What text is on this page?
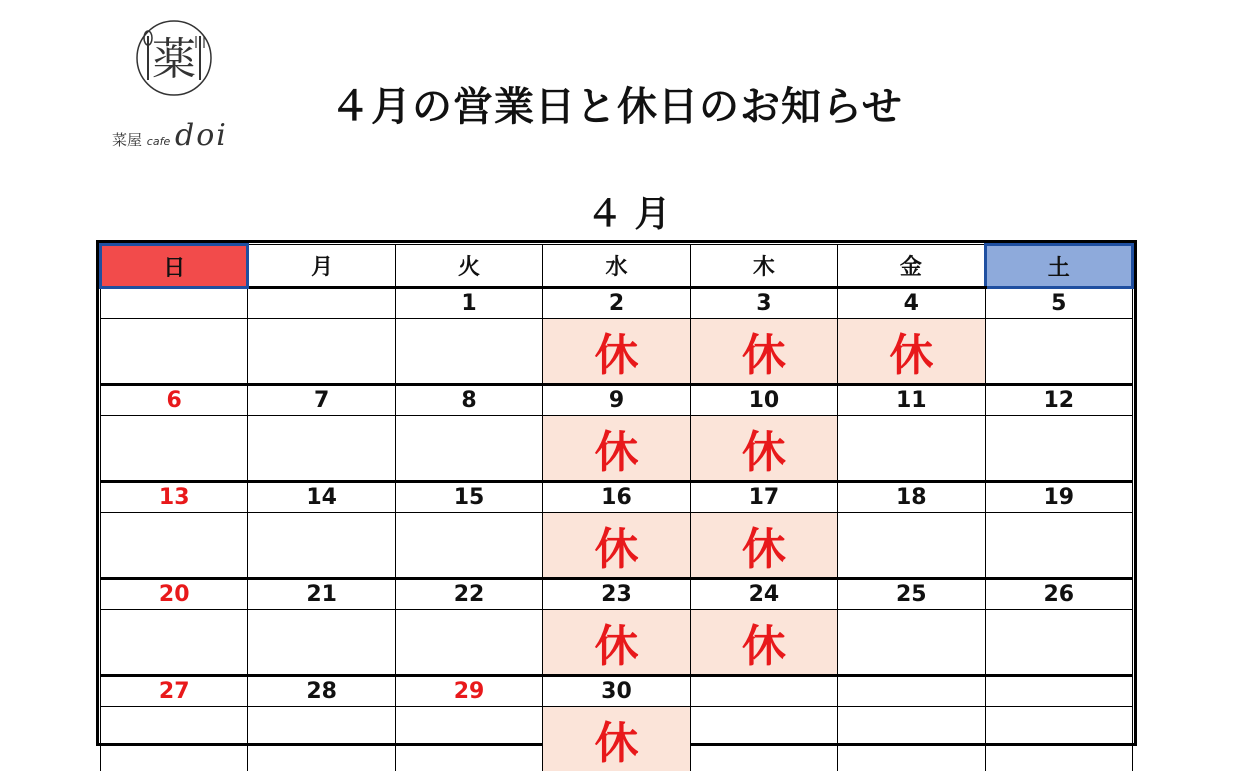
薬
菜屋 cafe doi
４月の営業日と休日のお知らせ
４ 月
日	月	火	水	木	金	土
		1	2	3	4	5
			休	休	休	
6	7	8	9	10	11	12
			休	休		
13	14	15	16	17	18	19
			休	休		
20	21	22	23	24	25	26
			休	休		
27	28	29	30			
			休			
